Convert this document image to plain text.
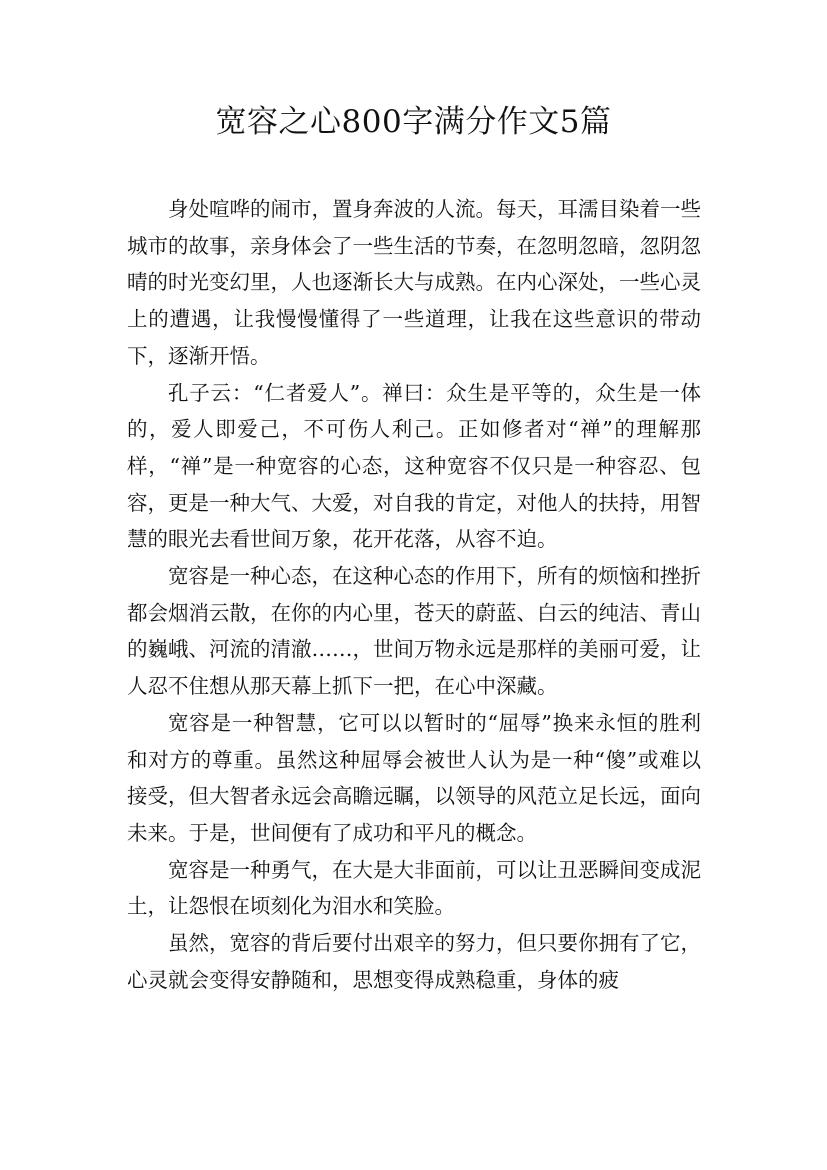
宽容之心800字满分作文5篇

身处喧哗的闹市，置身奔波的人流。每天，耳濡目染着一些城市的故事，亲身体会了一些生活的节奏，在忽明忽暗，忽阴忽晴的时光变幻里，人也逐渐长大与成熟。在内心深处，一些心灵上的遭遇，让我慢慢懂得了一些道理，让我在这些意识的带动下，逐渐开悟。

孔子云：“仁者爱人”。禅曰：众生是平等的，众生是一体的，爱人即爱己，不可伤人利己。正如修者对“禅”的理解那样，“禅”是一种宽容的心态，这种宽容不仅只是一种容忍、包容，更是一种大气、大爱，对自我的肯定，对他人的扶持，用智慧的眼光去看世间万象，花开花落，从容不迫。

宽容是一种心态，在这种心态的作用下，所有的烦恼和挫折都会烟消云散，在你的内心里，苍天的蔚蓝、白云的纯洁、青山的巍峨、河流的清澈……，世间万物永远是那样的美丽可爱，让人忍不住想从那天幕上抓下一把，在心中深藏。

宽容是一种智慧，它可以以暂时的“屈辱”换来永恒的胜利和对方的尊重。虽然这种屈辱会被世人认为是一种“傻”或难以接受，但大智者永远会高瞻远瞩，以领导的风范立足长远，面向未来。于是，世间便有了成功和平凡的概念。

宽容是一种勇气，在大是大非面前，可以让丑恶瞬间变成泥土，让怨恨在顷刻化为泪水和笑脸。

虽然，宽容的背后要付出艰辛的努力，但只要你拥有了它，心灵就会变得安静随和，思想变得成熟稳重，身体的疲
